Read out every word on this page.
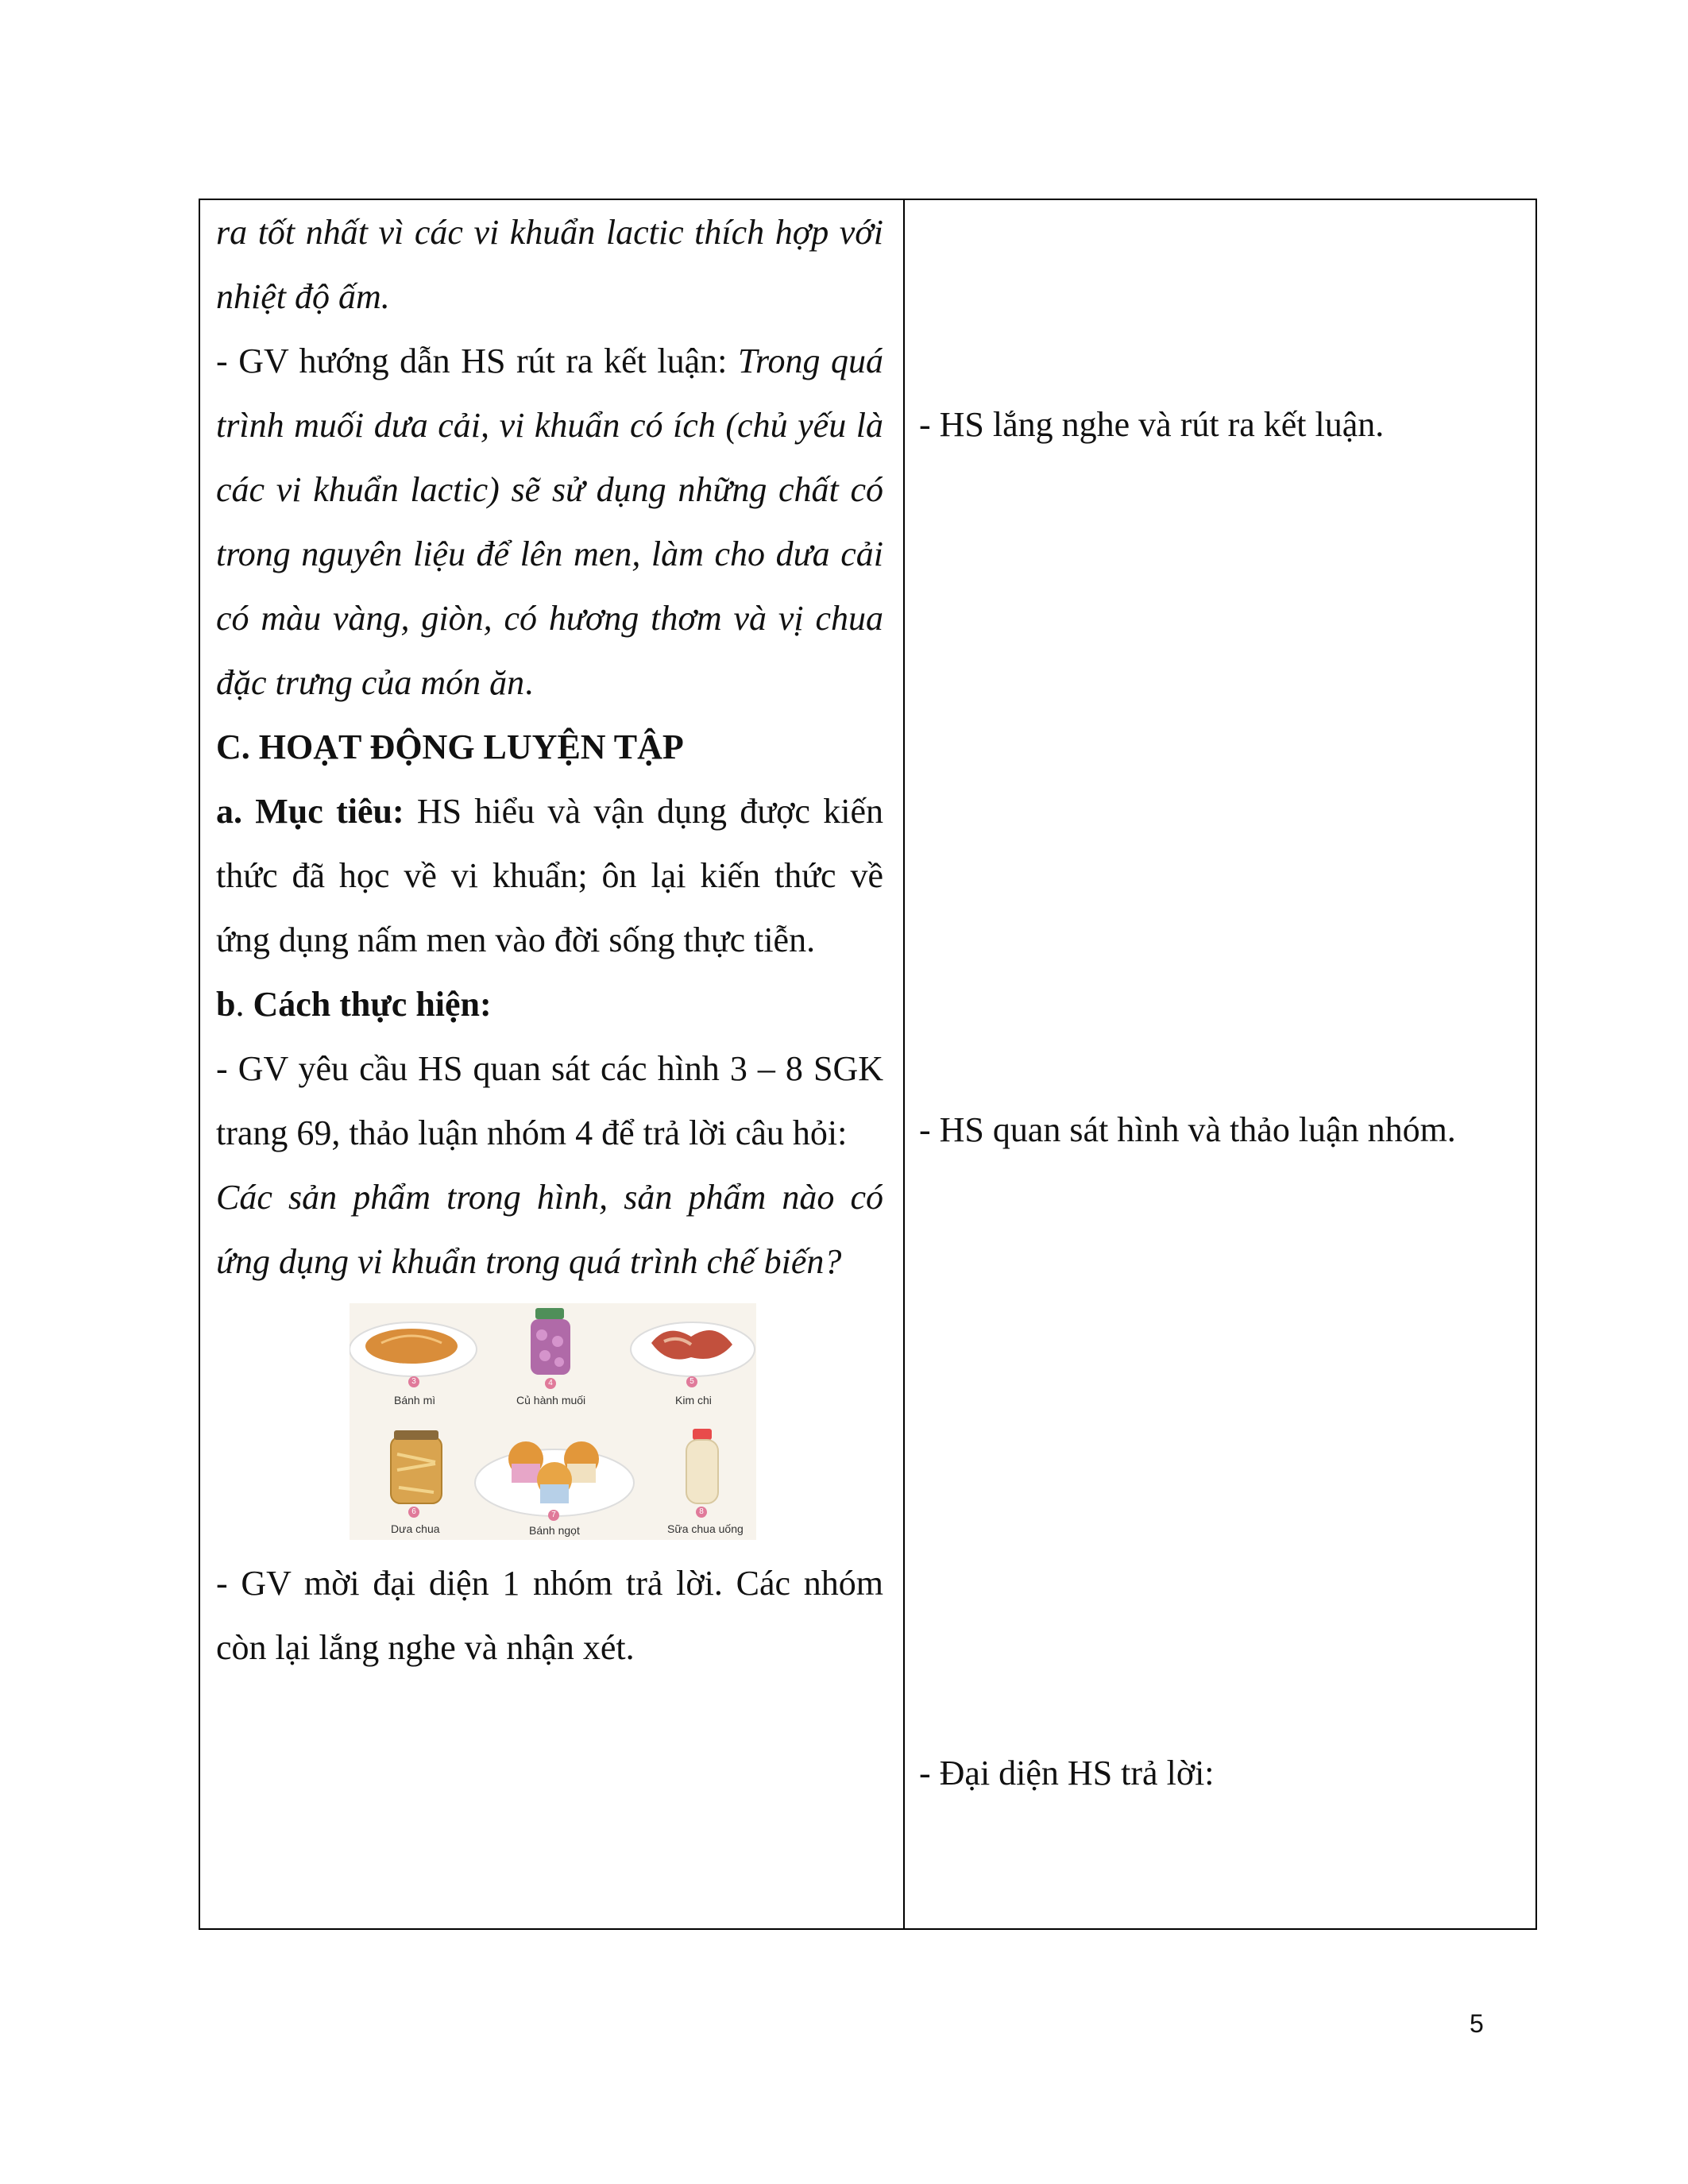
ra tốt nhất vì các vi khuẩn lactic thích hợp với nhiệt độ ấm.

- GV hướng dẫn HS rút ra kết luận: Trong quá trình muối dưa cải, vi khuẩn có ích (chủ yếu là các vi khuẩn lactic) sẽ sử dụng những chất có trong nguyên liệu để lên men, làm cho dưa cải có màu vàng, giòn, có hương thơm và vị chua đặc trưng của món ăn.

C. HOẠT ĐỘNG LUYỆN TẬP

a. Mục tiêu: HS hiểu và vận dụng được kiến thức đã học về vi khuẩn; ôn lại kiến thức về ứng dụng nấm men vào đời sống thực tiễn.

b. Cách thực hiện:

- GV yêu cầu HS quan sát các hình 3 – 8 SGK trang 69, thảo luận nhóm 4 để trả lời câu hỏi:

Các sản phẩm trong hình, sản phẩm nào có ứng dụng vi khuẩn trong quá trình chế biến?

3	4	5
6	7	8
Bánh mì	Củ hành muối	Kim chi
Dưa chua	Bánh ngọt	Sữa chua uống

- GV mời đại diện 1 nhóm trả lời. Các nhóm còn lại lắng nghe và nhận xét.

- HS lắng nghe và rút ra kết luận.

- HS quan sát hình và thảo luận nhóm.

- Đại diện HS trả lời:

5
